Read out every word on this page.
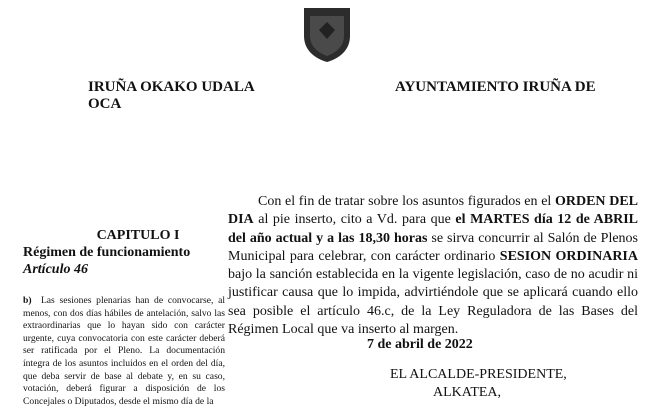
IRUÑA OKAKO UDALA
OCA
AYUNTAMIENTO IRUÑA DE
CAPITULO I
Régimen de funcionamiento
Artículo 46

b) Las sesiones plenarias han de convocarse, al menos, con dos días hábiles de antelación, salvo las extraordinarias que lo hayan sido con carácter urgente, cuya convocatoria con este carácter deberá ser ratificada por el Pleno. La documentación íntegra de los asuntos incluidos en el orden del día, que deba servir de base al debate y, en su caso, votación, deberá figurar a disposición de los Concejales o Diputados, desde el mismo día de la

Con el fin de tratar sobre los asuntos figurados en el ORDEN DEL DIA al pie inserto, cito a Vd. para que el MARTES día 12 de ABRIL del año actual y a las 18,30 horas se sirva concurrir al Salón de Plenos Municipal para celebrar, con carácter ordinario SESION ORDINARIA bajo la sanción establecida en la vigente legislación, caso de no acudir ni justificar causa que lo impida, advirtiéndole que se aplicará cuando ello sea posible el artículo 46.c, de la Ley Reguladora de las Bases del Régimen Local que va inserto al margen.

7 de abril de 2022
EL ALCALDE-PRESIDENTE,
ALKATEA,
